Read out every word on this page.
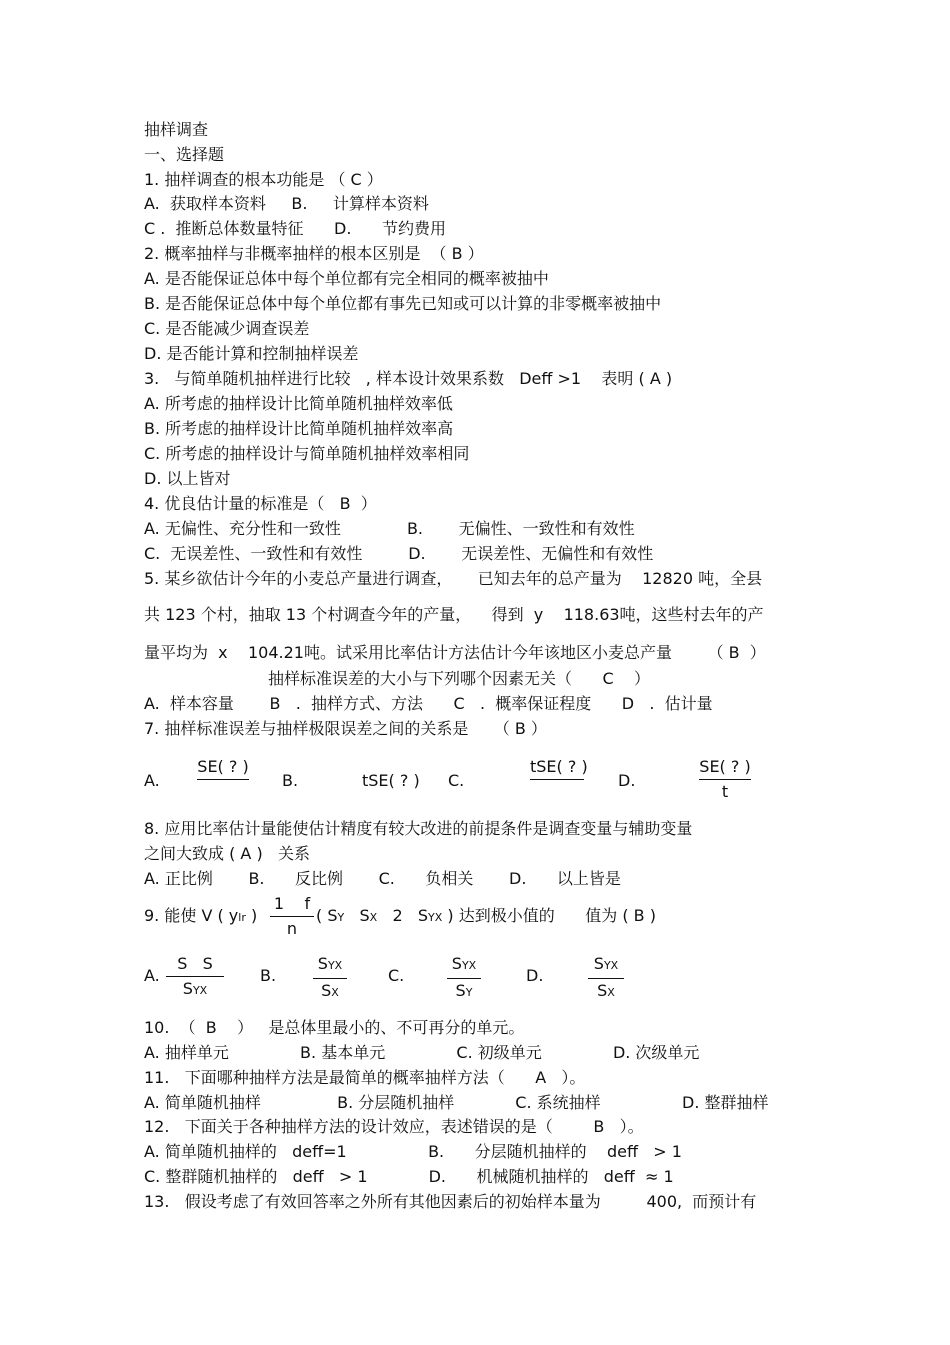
抽样调查
一、选择题
1. 抽样调查的根本功能是 （ C ）
A.  获取样本资料     B.     计算样本资料
C .  推断总体数量特征      D.      节约费用
2. 概率抽样与非概率抽样的根本区别是  （ B ）
A. 是否能保证总体中每个单位都有完全相同的概率被抽中
B. 是否能保证总体中每个单位都有事先已知或可以计算的非零概率被抽中
C. 是否能减少调查误差
D. 是否能计算和控制抽样误差
3.   与简单随机抽样进行比较   , 样本设计效果系数   Deff >1    表明 ( A )
A. 所考虑的抽样设计比简单随机抽样效率低
B. 所考虑的抽样设计比简单随机抽样效率高
C. 所考虑的抽样设计与简单随机抽样效率相同
D. 以上皆对
4. 优良估计量的标准是（   B  ）
A. 无偏性、充分性和一致性             B.       无偏性、一致性和有效性
C.  无误差性、一致性和有效性         D.       无误差性、无偏性和有效性
5. 某乡欲估计今年的小麦总产量进行调查，     已知去年的总产量为    12820 吨，全县
共 123 个村，抽取 13 个村调查今年的产量，    得到  y    118.63吨，这些村去年的产
量平均为  x    104.21吨。试采用比率估计方法估计今年该地区小麦总产量       （ B  ）
抽样标准误差的大小与下列哪个因素无关（      C    ）
A.  样本容量       B   .  抽样方式、方法      C   .  概率保证程度      D   .  估计量
7. 抽样标准误差与抽样极限误差之间的关系是     （ B ）
A.
SE( ? )
B.	tSE( ? ) C.
tSE( ? )
D.
SE( ? )
t
8. 应用比率估计量能使估计精度有较大改进的前提条件是调查变量与辅助变量
之间大致成 ( A )   关系
A. 正比例       B.      反比例       C.      负相关       D.      以上皆是
9. 能使 V ( ylr )
1    f
n
( SY   SX   2   SYX ) 达到极小值的      值为 ( B )
A.
S   S
SYX
B.
SYX
SX
C.
SYX
SY
D.
SYX
SX
10.  （  B    ）   是总体里最小的、不可再分的单元。
A. 抽样单元              B. 基本单元              C. 初级单元              D. 次级单元
11.   下面哪种抽样方法是最简单的概率抽样方法（      A   ）。
A. 简单随机抽样               B. 分层随机抽样            C. 系统抽样                D. 整群抽样
12.   下面关于各种抽样方法的设计效应，表述错误的是（        B   ）。
A. 简单随机抽样的   deff=1                B.      分层随机抽样的    deff   > 1
C. 整群随机抽样的   deff   > 1            D.      机械随机抽样的   deff  ≈ 1
13.   假设考虑了有效回答率之外所有其他因素后的初始样本量为         400,  而预计有
